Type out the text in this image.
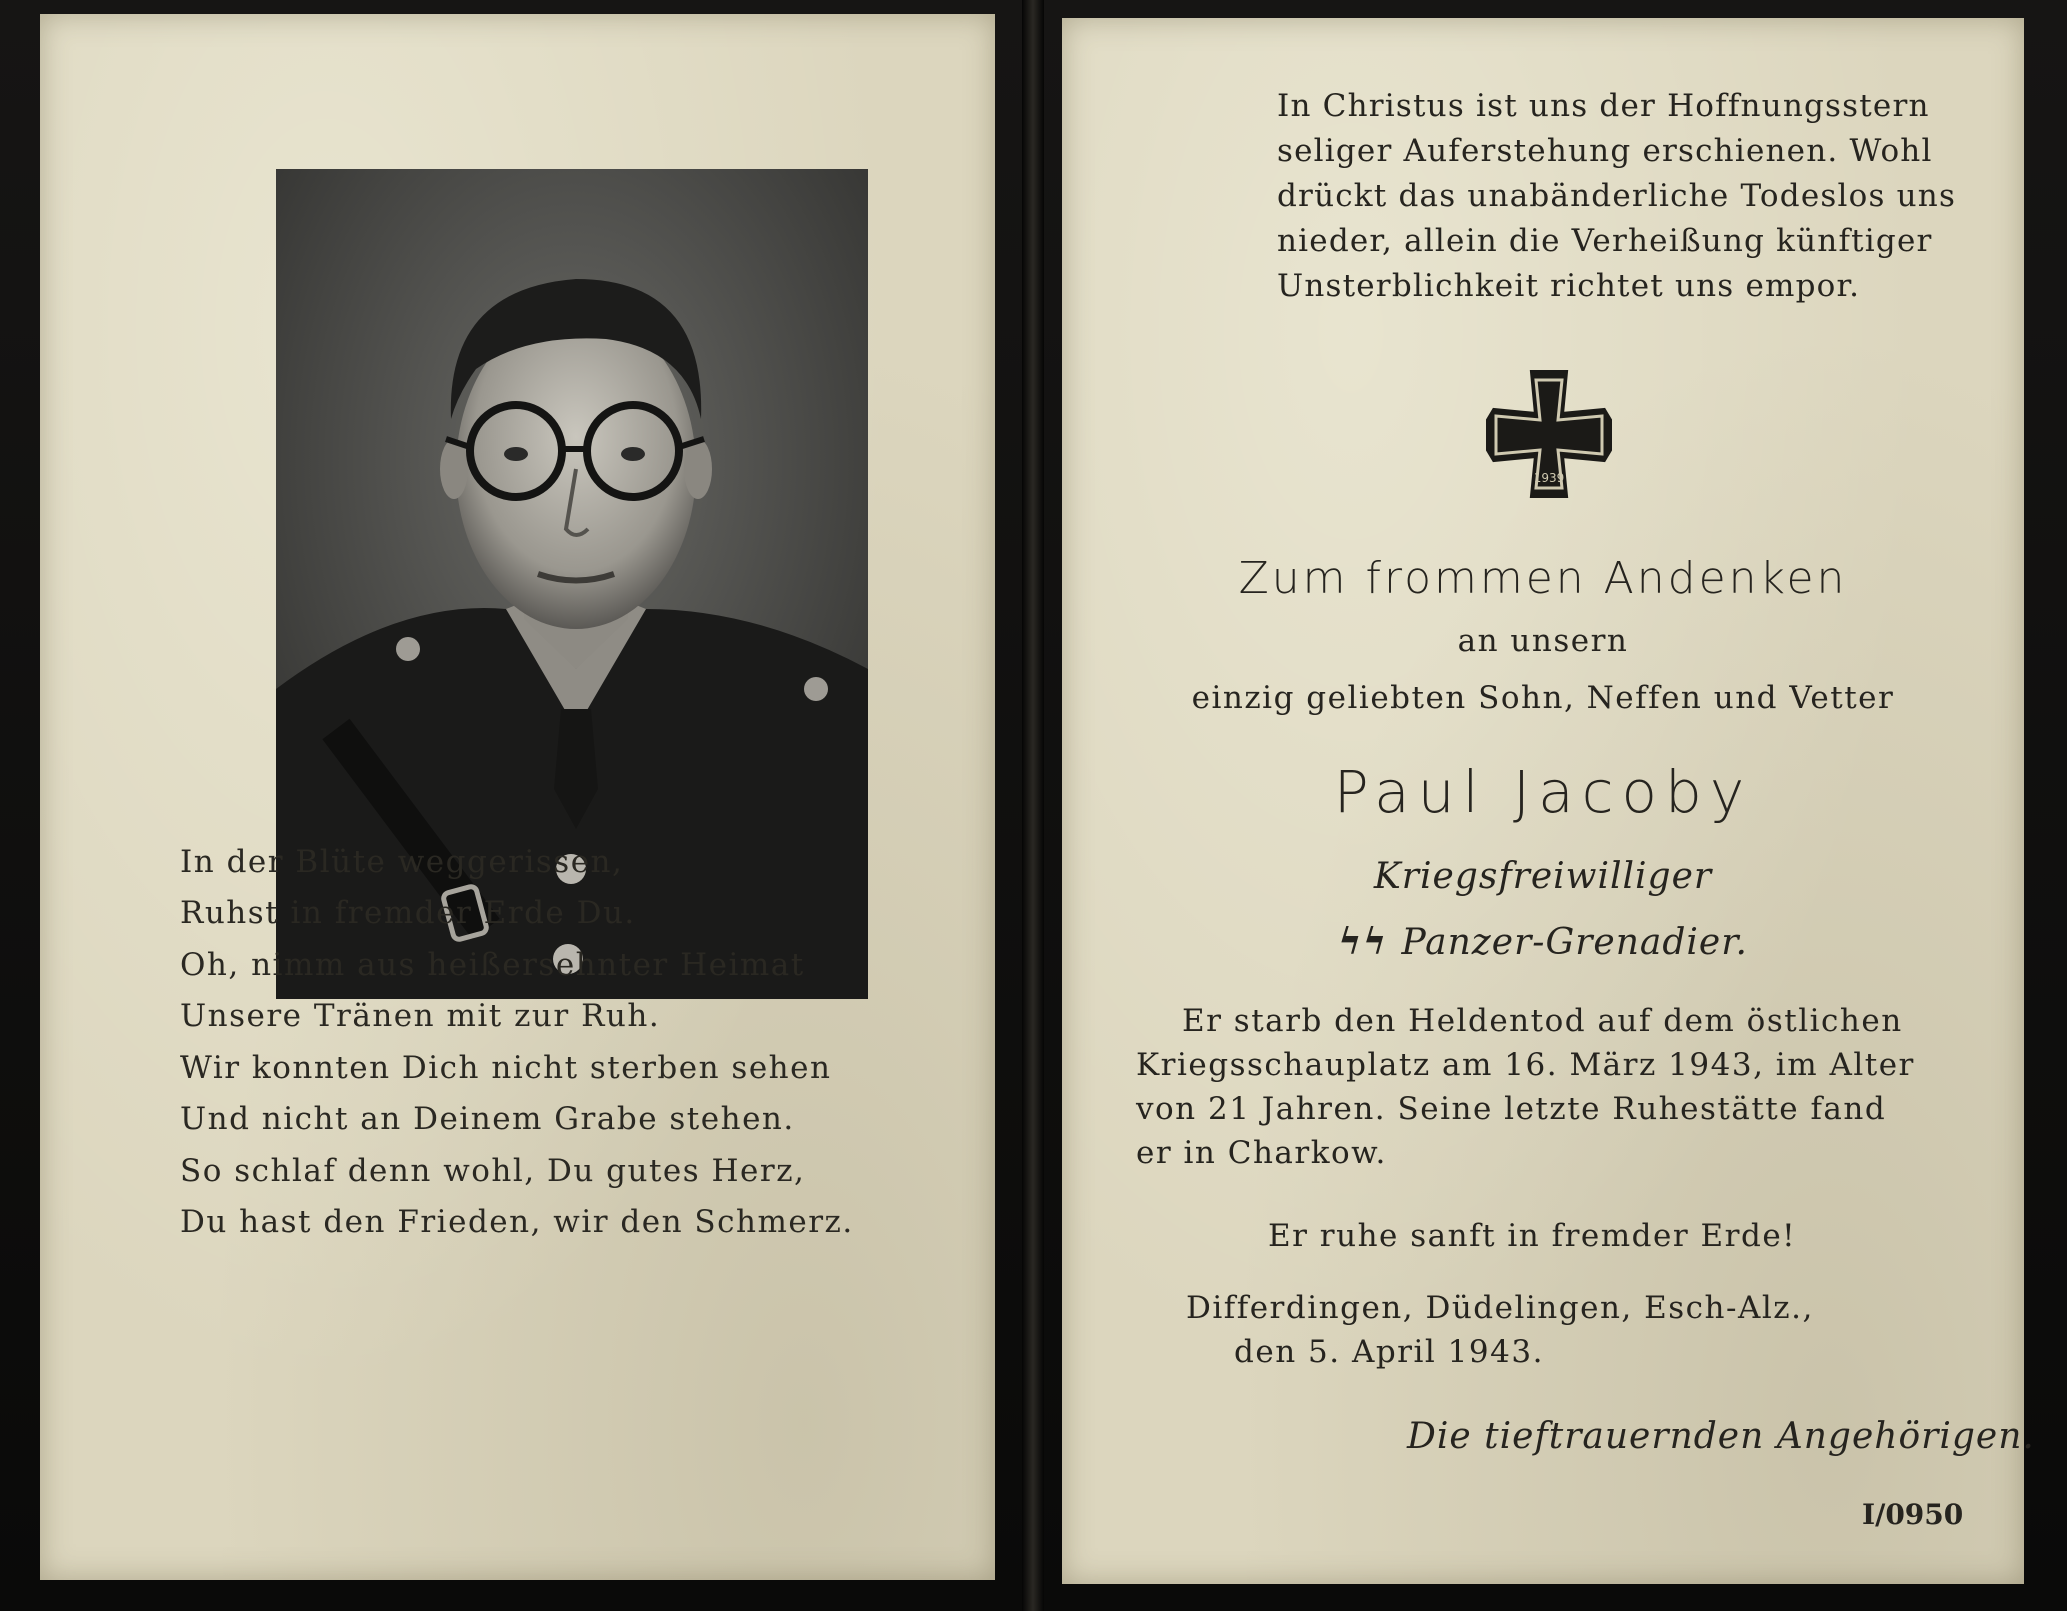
In der Blüte weggerissen,
Ruhst in fremder Erde Du.
Oh, nimm aus heißersehnter Heimat
Unsere Tränen mit zur Ruh.
Wir konnten Dich nicht sterben sehen
Und nicht an Deinem Grabe stehen.
So schlaf denn wohl, Du gutes Herz,
Du hast den Frieden, wir den Schmerz.
In Christus ist uns der Hoffnungsstern
seliger Auferstehung erschienen. Wohl
drückt das unabänderliche Todeslos uns
nieder, allein die Verheißung künftiger
Unsterblichkeit richtet uns empor.
1939
Zum frommen Andenken
an unsern
einzig geliebten Sohn, Neffen und Vetter
Paul Jacoby
Kriegsfreiwilliger
ϟϟ Panzer-Grenadier.
Er starb den Heldentod auf dem östlichen
Kriegsschauplatz am 16. März 1943, im Alter
von 21 Jahren. Seine letzte Ruhestätte fand
er in Charkow.
Er ruhe sanft in fremder Erde!
Differdingen, Düdelingen, Esch-Alz.,
den 5. April 1943.
Die tieftrauernden Angehörigen.
I/0950
